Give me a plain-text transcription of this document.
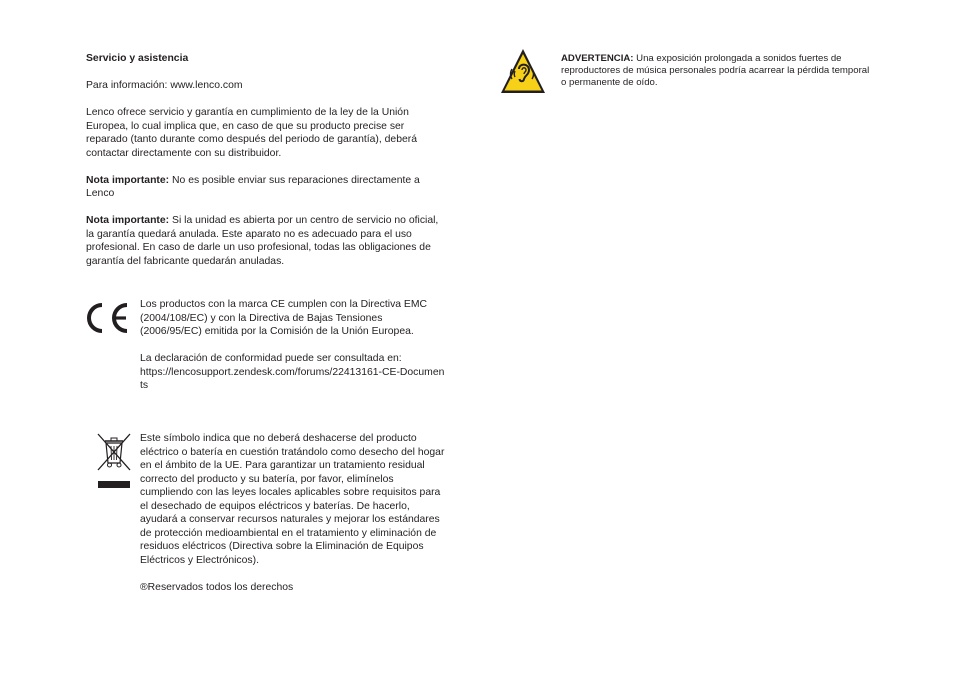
Servicio y asistencia

Para información: www.lenco.com

Lenco ofrece servicio y garantía en cumplimiento de la ley de la Unión Europea, lo cual implica que, en caso de que su producto precise ser reparado (tanto durante como después del periodo de garantía), deberá contactar directamente con su distribuidor.

Nota importante: No es posible enviar sus reparaciones directamente a Lenco

Nota importante: Si la unidad es abierta por un centro de servicio no oficial, la garantía quedará anulada. Este aparato no es adecuado para el uso profesional. En caso de darle un uso profesional, todas las obligaciones de garantía del fabricante quedarán anuladas.

Los productos con la marca CE cumplen con la Directiva EMC (2004/108/EC) y con la Directiva de Bajas Tensiones (2006/95/EC) emitida por la Comisión de la Unión Europea.

La declaración de conformidad puede ser consultada en:

https://lencosupport.zendesk.com/forums/22413161-CE-Documents

Este símbolo indica que no deberá deshacerse del producto eléctrico o batería en cuestión tratándolo como desecho del hogar en el ámbito de la UE. Para garantizar un tratamiento residual correcto del producto y su batería, por favor, elimínelos cumpliendo con las leyes locales aplicables sobre requisitos para el desechado de equipos eléctricos y baterías. De hacerlo, ayudará a conservar recursos naturales y mejorar los estándares de protección medioambiental en el tratamiento y eliminación de residuos eléctricos (Directiva sobre la Eliminación de Equipos Eléctricos y Electrónicos).

®Reservados todos los derechos

ADVERTENCIA: Una exposición prolongada a sonidos fuertes de reproductores de música personales podría acarrear la pérdida temporal o permanente de oído.
